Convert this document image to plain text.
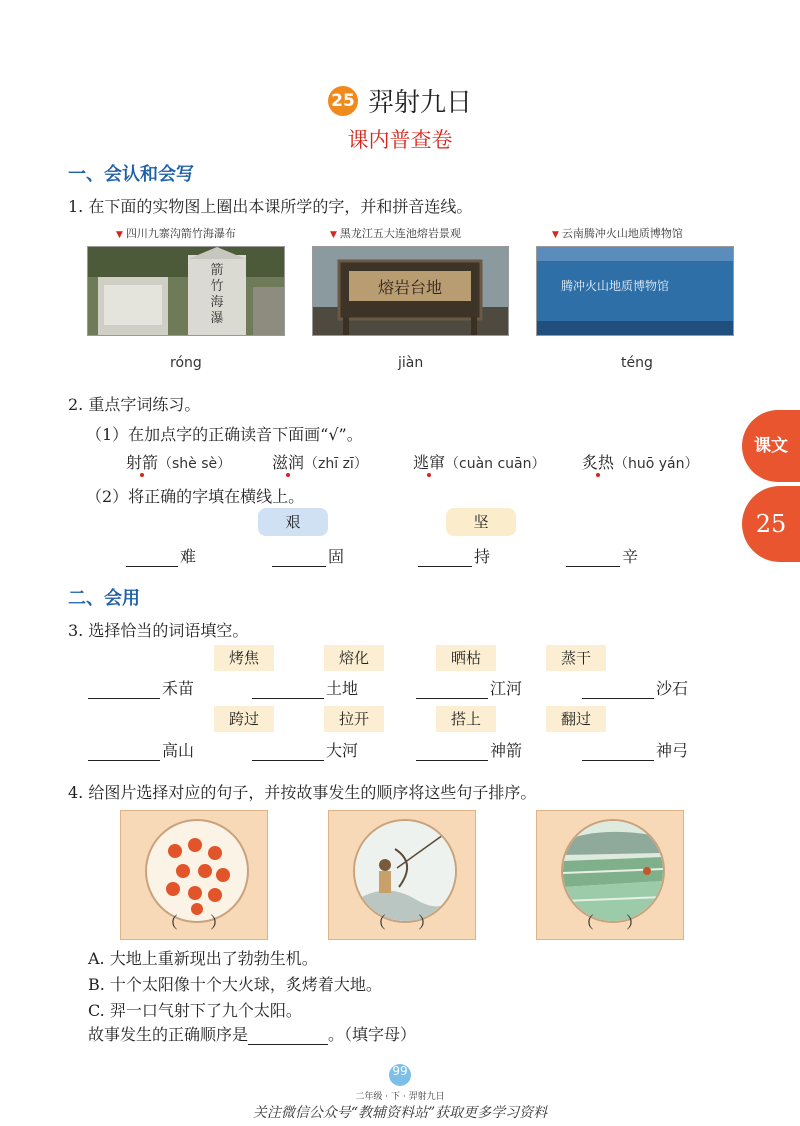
25 羿射九日
课内普查卷
一、会认和会写
1. 在下面的实物图上圈出本课所学的字，并和拼音连线。
▼ 四川九寨沟箭竹海瀑布	▼ 黑龙江五大连池熔岩景观	▼ 云南腾冲火山地质博物馆
箭竹海瀑
熔岩台地	腾冲火山地质博物馆
róng	jiàn	téng
2. 重点字词练习。
（1）在加点字的正确读音下面画“√”。
射箭（shè sè）	滋润（zhī zī）	逃窜（cuàn cuān） 炙热（huō yán）
（2）将正确的字填在横线上。
艰	坚
难	固	持	辛
二、会用
3. 选择恰当的词语填空。
烤焦	熔化	晒枯	蒸干
禾苗	土地	江河	沙石
跨过	拉开	搭上	翻过
高山	大河	神箭	神弓
4. 给图片选择对应的句子，并按故事发生的顺序将这些句子排序。
（　　）	（　　）	（　　）
A. 大地上重新现出了勃勃生机。
B. 十个太阳像十个大火球，炙烤着大地。
C. 羿一口气射下了九个太阳。
故事发生的正确顺序是	。（填字母）
课文
25
99
二年级 · 下 · 羿射九日
关注微信公众号“教辅资料站”获取更多学习资料
